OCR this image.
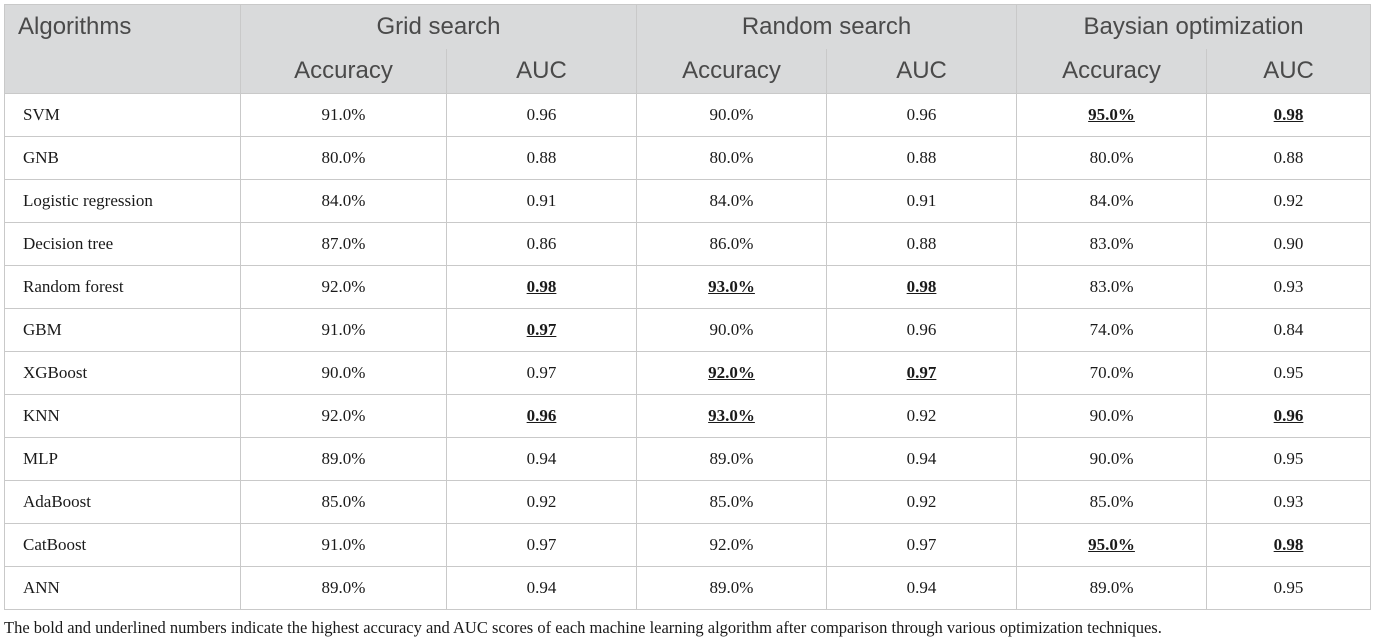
Algorithms	Grid search		Random search		Baysian optimization	
	Accuracy	AUC	Accuracy	AUC	Accuracy	AUC
SVM	91.0%	0.96	90.0%	0.96	95.0%	0.98
GNB	80.0%	0.88	80.0%	0.88	80.0%	0.88
Logistic regression	84.0%	0.91	84.0%	0.91	84.0%	0.92
Decision tree	87.0%	0.86	86.0%	0.88	83.0%	0.90
Random forest	92.0%	0.98	93.0%	0.98	83.0%	0.93
GBM	91.0%	0.97	90.0%	0.96	74.0%	0.84
XGBoost	90.0%	0.97	92.0%	0.97	70.0%	0.95
KNN	92.0%	0.96	93.0%	0.92	90.0%	0.96
MLP	89.0%	0.94	89.0%	0.94	90.0%	0.95
AdaBoost	85.0%	0.92	85.0%	0.92	85.0%	0.93
CatBoost	91.0%	0.97	92.0%	0.97	95.0%	0.98
ANN	89.0%	0.94	89.0%	0.94	89.0%	0.95
The bold and underlined numbers indicate the highest accuracy and AUC scores of each machine learning algorithm after comparison through various optimization techniques.
